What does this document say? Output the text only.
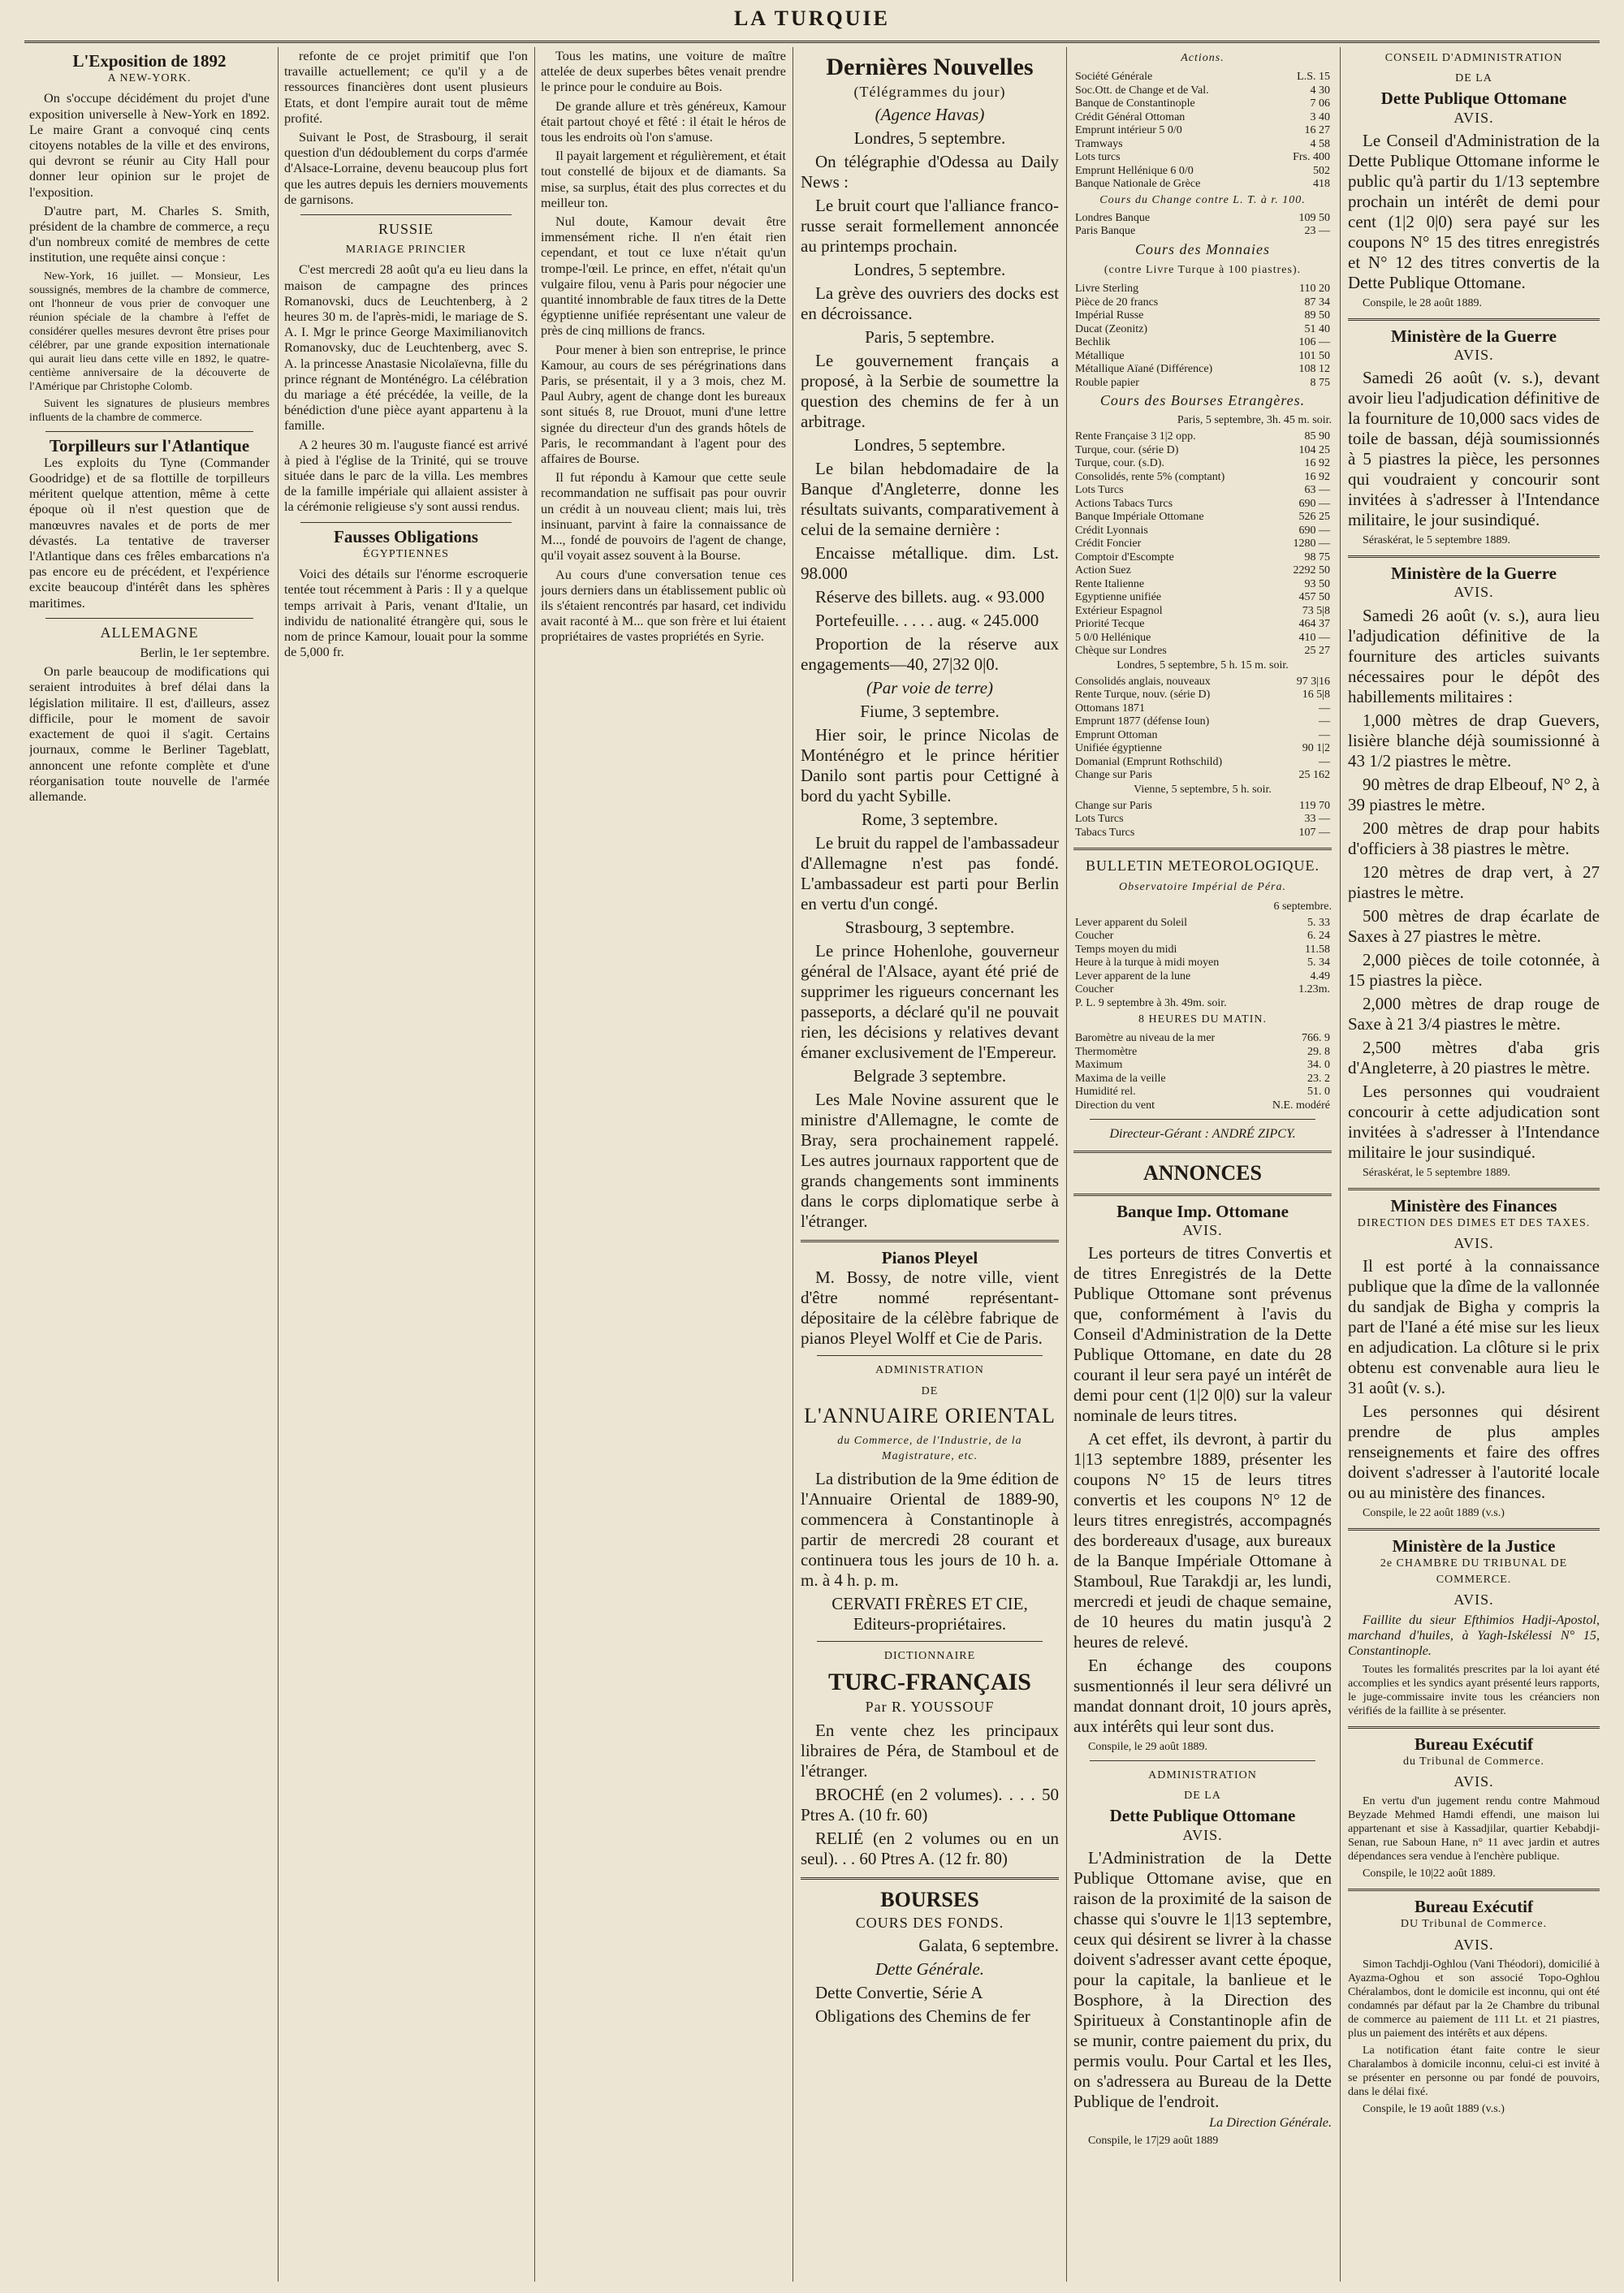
LA TURQUIE
L'Exposition de 1892
A NEW-YORK.

On s'occupe décidément du projet d'une exposition universelle à New-York en 1892. Le maire Grant a convoqué cinq cents citoyens notables de la ville et des environs, qui devront se réunir au City Hall pour donner leur opinion sur le projet de l'exposition.

D'autre part, M. Charles S. Smith, président de la chambre de commerce, a reçu d'un nombreux comité de membres de cette institution, une requête ainsi conçue :

New-York, 16 juillet. — Monsieur, Les soussignés, membres de la chambre de commerce, ont l'honneur de vous prier de convoquer une réunion spéciale de la chambre à l'effet de considérer quelles mesures devront être prises pour célébrer, par une grande exposition internationale qui aurait lieu dans cette ville en 1892, le quatre-centième anniversaire de la découverte de l'Amérique par Christophe Colomb.

Suivent les signatures de plusieurs membres influents de la chambre de commerce.

Torpilleurs sur l'Atlantique

Les exploits du Tyne (Commander Goodridge) et de sa flottille de torpilleurs méritent quelque attention, même à cette époque où il n'est question que de manœuvres navales et de ports de mer dévastés. La tentative de traverser l'Atlantique dans ces frêles embarcations n'a pas encore eu de précédent, et l'expérience excite beaucoup d'intérêt dans les sphères maritimes.

ALLEMAGNE

Berlin, le 1er septembre.

On parle beaucoup de modifications qui seraient introduites à bref délai dans la législation militaire. Il est, d'ailleurs, assez difficile, pour le moment de savoir exactement de quoi il s'agit. Certains journaux, comme le Berliner Tageblatt, annoncent une refonte complète et d'une réorganisation toute nouvelle de l'armée allemande.

refonte de ce projet primitif que l'on travaille actuellement; ce qu'il y a de ressources financières dont usent plusieurs Etats, et dont l'empire aurait tout de même profité.

Suivant le Post, de Strasbourg, il serait question d'un dédoublement du corps d'armée d'Alsace-Lorraine, devenu beaucoup plus fort que les autres depuis les derniers mouvements de garnisons.

RUSSIE
MARIAGE PRINCIER

C'est mercredi 28 août qu'a eu lieu dans la maison de campagne des princes Romanovski, ducs de Leuchtenberg, à 2 heures 30 m. de l'après-midi, le mariage de S. A. I. Mgr le prince George Maximilianovitch Romanovsky, duc de Leuchtenberg, avec S. A. la princesse Anastasie Nicolaïevna, fille du prince régnant de Monténégro. La célébration du mariage a été précédée, la veille, de la bénédiction d'une pièce ayant appartenu à la famille.

A 2 heures 30 m. l'auguste fiancé est arrivé à pied à l'église de la Trinité, qui se trouve située dans le parc de la villa. Les membres de la famille impériale qui allaient assister à la cérémonie religieuse s'y sont aussi rendus.

Fausses Obligations
ÉGYPTIENNES

Voici des détails sur l'énorme escroquerie tentée tout récemment à Paris : Il y a quelque temps arrivait à Paris, venant d'Italie, un individu de nationalité étrangère qui, sous le nom de prince Kamour, louait pour la somme de 5,000 fr.

Tous les matins, une voiture de maître attelée de deux superbes bêtes venait prendre le prince pour le conduire au Bois.

De grande allure et très généreux, Kamour était partout choyé et fêté : il était le héros de tous les endroits où l'on s'amuse.

Il payait largement et régulièrement, et était tout constellé de bijoux et de diamants. Sa mise, sa surplus, était des plus correctes et du meilleur ton.

Nul doute, Kamour devait être immensément riche. Il n'en était rien cependant, et tout ce luxe n'était qu'un trompe-l'œil. Le prince, en effet, n'était qu'un vulgaire filou, venu à Paris pour négocier une quantité innombrable de faux titres de la Dette égyptienne unifiée représentant une valeur de près de cinq millions de francs.

Pour mener à bien son entreprise, le prince Kamour, au cours de ses pérégrinations dans Paris, se présentait, il y a 3 mois, chez M. Paul Aubry, agent de change dont les bureaux sont situés 8, rue Drouot, muni d'une lettre signée du directeur d'un des grands hôtels de Paris, le recommandant à l'agent pour des affaires de Bourse.

Il fut répondu à Kamour que cette seule recommandation ne suffisait pas pour ouvrir un crédit à un nouveau client; mais lui, très insinuant, parvint à faire la connaissance de M..., fondé de pouvoirs de l'agent de change, qu'il voyait assez souvent à la Bourse.

Au cours d'une conversation tenue ces jours derniers dans un établissement public où ils s'étaient rencontrés par hasard, cet individu avait raconté à M... que son frère et lui étaient propriétaires de vastes propriétés en Syrie.

Dernières Nouvelles
(Télégrammes du jour)

(Agence Havas)

Londres, 5 septembre.

On télégraphie d'Odessa au Daily News :

Le bruit court que l'alliance franco-russe serait formellement annoncée au printemps prochain.

Londres, 5 septembre.

La grève des ouvriers des docks est en décroissance.

Paris, 5 septembre.

Le gouvernement français a proposé, à la Serbie de soumettre la question des chemins de fer à un arbitrage.

Londres, 5 septembre.

Le bilan hebdomadaire de la Banque d'Angleterre, donne les résultats suivants, comparativement à celui de la semaine dernière :

Encaisse métallique. dim. Lst. 98.000

Réserve des billets. aug. « 93.000

Portefeuille. . . . . aug. « 245.000

Proportion de la réserve aux engagements—40, 27|32 0|0.

(Par voie de terre)

Fiume, 3 septembre.

Hier soir, le prince Nicolas de Monténégro et le prince héritier Danilo sont partis pour Cettigné à bord du yacht Sybille.

Rome, 3 septembre.

Le bruit du rappel de l'ambassadeur d'Allemagne n'est pas fondé. L'ambassadeur est parti pour Berlin en vertu d'un congé.

Strasbourg, 3 septembre.

Le prince Hohenlohe, gouverneur général de l'Alsace, ayant été prié de supprimer les rigueurs concernant les passeports, a déclaré qu'il ne pouvait rien, les décisions y relatives devant émaner exclusivement de l'Empereur.

Belgrade 3 septembre.

Les Male Novine assurent que le ministre d'Allemagne, le comte de Bray, sera prochainement rappelé. Les autres journaux rapportent que de grands changements sont imminents dans le corps diplomatique serbe à l'étranger.

Pianos Pleyel

M. Bossy, de notre ville, vient d'être nommé représentant-dépositaire de la célèbre fabrique de pianos Pleyel Wolff et Cie de Paris.

ADMINISTRATION
DE
L'ANNUAIRE ORIENTAL
du Commerce, de l'Industrie, de la Magistrature, etc.

La distribution de la 9me édition de l'Annuaire Oriental de 1889-90, commencera à Constantinople à partir de mercredi 28 courant et continuera tous les jours de 10 h. a. m. à 4 h. p. m.

CERVATI FRÈRES ET CIE, Editeurs-propriétaires.

DICTIONNAIRE
TURC-FRANÇAIS
Par R. YOUSSOUF

En vente chez les principaux libraires de Péra, de Stamboul et de l'étranger.

BROCHÉ (en 2 volumes). . . . 50 Ptres A. (10 fr. 60)

RELIÉ (en 2 volumes ou en un seul). . . 60 Ptres A. (12 fr. 80)

BOURSES
COURS DES FONDS.

Galata, 6 septembre.

Dette Générale.

Dette Convertie, Série A

Obligations des Chemins de fer

Actions.
Société Générale	L.S. 15
Soc.Ott. de Change et de Val.	4 30
Banque de Constantinople	7 06
Crédit Général Ottoman	3 40
Emprunt intérieur 5 0/0	16 27
Tramways	4 58
Lots turcs	Frs. 400
Emprunt Hellénique 6 0/0	502
Banque Nationale de Grèce	418
Cours du Change contre L. T. à r. 100.
Londres Banque	109 50
Paris Banque	23 —
Cours des Monnaies
(contre Livre Turque à 100 piastres).
Livre Sterling	110 20
Pièce de 20 francs	87 34
Impérial Russe	89 50
Ducat (Zeonitz)	51 40
Bechlik	106 —
Métallique	101 50
Métallique Aïané (Différence)	108 12
Rouble papier	8 75
Cours des Bourses Etrangères.

Paris, 5 septembre, 3h. 45 m. soir.

Rente Française 3 1|2 opp.	85 90
Turque, cour. (série D)	104 25
Turque, cour. (s.D).	16 92
Consolidés, rente 5% (comptant)	16 92
Lots Turcs	63 —
Actions Tabacs Turcs	690 —
Banque Impériale Ottomane	526 25
Crédit Lyonnais	690 —
Crédit Foncier	1280 —
Comptoir d'Escompte	98 75
Action Suez	2292 50
Rente Italienne	93 50
Egyptienne unifiée	457 50
Extérieur Espagnol	73 5|8
Priorité Tecque	464 37
5 0/0 Hellénique	410 —
Chèque sur Londres	25 27

Londres, 5 septembre, 5 h. 15 m. soir.

Consolidés anglais, nouveaux	97 3|16
Rente Turque, nouv. (série D)	16 5|8
Ottomans 1871	—
Emprunt 1877 (défense Ioun)	—
Emprunt Ottoman	—
Unifiée égyptienne	90 1|2
Domanial (Emprunt Rothschild)	—
Change sur Paris	25 162

Vienne, 5 septembre, 5 h. soir.

Change sur Paris	119 70
Lots Turcs	33 —
Tabacs Turcs	107 —
BULLETIN METEOROLOGIQUE.
Observatoire Impérial de Péra.

6 septembre.

Lever apparent du Soleil	5. 33
Coucher	6. 24
Temps moyen du midi	11.58
Heure à la turque à midi moyen	5. 34
Lever apparent de la lune	4.49
Coucher	1.23m.
P. L. 9 septembre à 3h. 49m. soir.	
8 HEURES DU MATIN.
Baromètre au niveau de la mer	766. 9
Thermomètre	29. 8
Maximum	34. 0
Maxima de la veille	23. 2
Humidité rel.	51. 0
Direction du vent	N.E. modéré

Directeur-Gérant : ANDRÉ ZIPCY.

ANNONCES
Banque Imp. Ottomane
AVIS.

Les porteurs de titres Convertis et de titres Enregistrés de la Dette Publique Ottomane sont prévenus que, conformément à l'avis du Conseil d'Administration de la Dette Publique Ottomane, en date du 28 courant il leur sera payé un intérêt de demi pour cent (1|2 0|0) sur la valeur nominale de leurs titres.

A cet effet, ils devront, à partir du 1|13 septembre 1889, présenter les coupons N° 15 de leurs titres convertis et les coupons N° 12 de leurs titres enregistrés, accompagnés des bordereaux d'usage, aux bureaux de la Banque Impériale Ottomane à Stamboul, Rue Tarakdji ar, les lundi, mercredi et jeudi de chaque semaine, de 10 heures du matin jusqu'à 2 heures de relevé.

En échange des coupons susmentionnés il leur sera délivré un mandat donnant droit, 10 jours après, aux intérêts qui leur sont dus.

Conspile, le 29 août 1889.

ADMINISTRATION
DE LA
Dette Publique Ottomane
AVIS.

L'Administration de la Dette Publique Ottomane avise, que en raison de la proximité de la saison de chasse qui s'ouvre le 1|13 septembre, ceux qui désirent se livrer à la chasse doivent s'adresser avant cette époque, pour la capitale, la banlieue et le Bosphore, à la Direction des Spiritueux à Constantinople afin de se munir, contre paiement du prix, du permis voulu. Pour Cartal et les Iles, on s'adressera au Bureau de la Dette Publique de l'endroit.

La Direction Générale.

Conspile, le 17|29 août 1889

CONSEIL D'ADMINISTRATION
DE LA
Dette Publique Ottomane
AVIS.

Le Conseil d'Administration de la Dette Publique Ottomane informe le public qu'à partir du 1/13 septembre prochain un intérêt de demi pour cent (1|2 0|0) sera payé sur les coupons N° 15 des titres enregistrés et N° 12 des titres convertis de la Dette Publique Ottomane.

Conspile, le 28 août 1889.

Ministère de la Guerre
AVIS.

Samedi 26 août (v. s.), devant avoir lieu l'adjudication définitive de la fourniture de 10,000 sacs vides de toile de bassan, déjà soumissionnés à 5 piastres la pièce, les personnes qui voudraient y concourir sont invitées à s'adresser à l'Intendance militaire, le jour susindiqué.

Séraskérat, le 5 septembre 1889.

Ministère de la Guerre
AVIS.

Samedi 26 août (v. s.), aura lieu l'adjudication définitive de la fourniture des articles suivants nécessaires pour le dépôt des habillements militaires :

1,000 mètres de drap Guevers, lisière blanche déjà soumissionné à 43 1/2 piastres le mètre.

90 mètres de drap Elbeouf, N° 2, à 39 piastres le mètre.

200 mètres de drap pour habits d'officiers à 38 piastres le mètre.

120 mètres de drap vert, à 27 piastres le mètre.

500 mètres de drap écarlate de Saxes à 27 piastres le mètre.

2,000 pièces de toile cotonnée, à 15 piastres la pièce.

2,000 mètres de drap rouge de Saxe à 21 3/4 piastres le mètre.

2,500 mètres d'aba gris d'Angleterre, à 20 piastres le mètre.

Les personnes qui voudraient concourir à cette adjudication sont invitées à s'adresser à l'Intendance militaire le jour susindiqué.

Séraskérat, le 5 septembre 1889.

Ministère des Finances
DIRECTION DES DIMES ET DES TAXES.
AVIS.

Il est porté à la connaissance publique que la dîme de la vallonnée du sandjak de Bigha y compris la part de l'Iané a été mise sur les lieux en adjudication. La clôture si le prix obtenu est convenable aura lieu le 31 août (v. s.).

Les personnes qui désirent prendre de plus amples renseignements et faire des offres doivent s'adresser à l'autorité locale ou au ministère des finances.

Conspile, le 22 août 1889 (v.s.)

Ministère de la Justice
2e CHAMBRE DU TRIBUNAL DE COMMERCE.
AVIS.

Faillite du sieur Efthimios Hadji-Apostol, marchand d'huiles, à Yagh-Iskélessi N° 15, Constantinople.

Toutes les formalités prescrites par la loi ayant été accomplies et les syndics ayant présenté leurs rapports, le juge-commissaire invite tous les créanciers non vérifiés de la faillite à se présenter.

Bureau Exécutif
du Tribunal de Commerce.
AVIS.

En vertu d'un jugement rendu contre Mahmoud Beyzade Mehmed Hamdi effendi, une maison lui appartenant et sise à Kassadjilar, quartier Kebabdji-Senan, rue Saboun Hane, n° 11 avec jardin et autres dépendances sera vendue à l'enchère publique.

Conspile, le 10|22 août 1889.

Bureau Exécutif
DU Tribunal de Commerce.
AVIS.

Simon Tachdji-Oghlou (Vani Théodori), domicilié à Ayazma-Oghou et son associé Topo-Oghlou Chéralambos, dont le domicile est inconnu, qui ont été condamnés par défaut par la 2e Chambre du tribunal de commerce au paiement de 111 Lt. et 21 piastres, plus un paiement des intérêts et aux dépens.

La notification étant faite contre le sieur Charalambos à domicile inconnu, celui-ci est invité à se présenter en personne ou par fondé de pouvoirs, dans le délai fixé.

Conspile, le 19 août 1889 (v.s.)
